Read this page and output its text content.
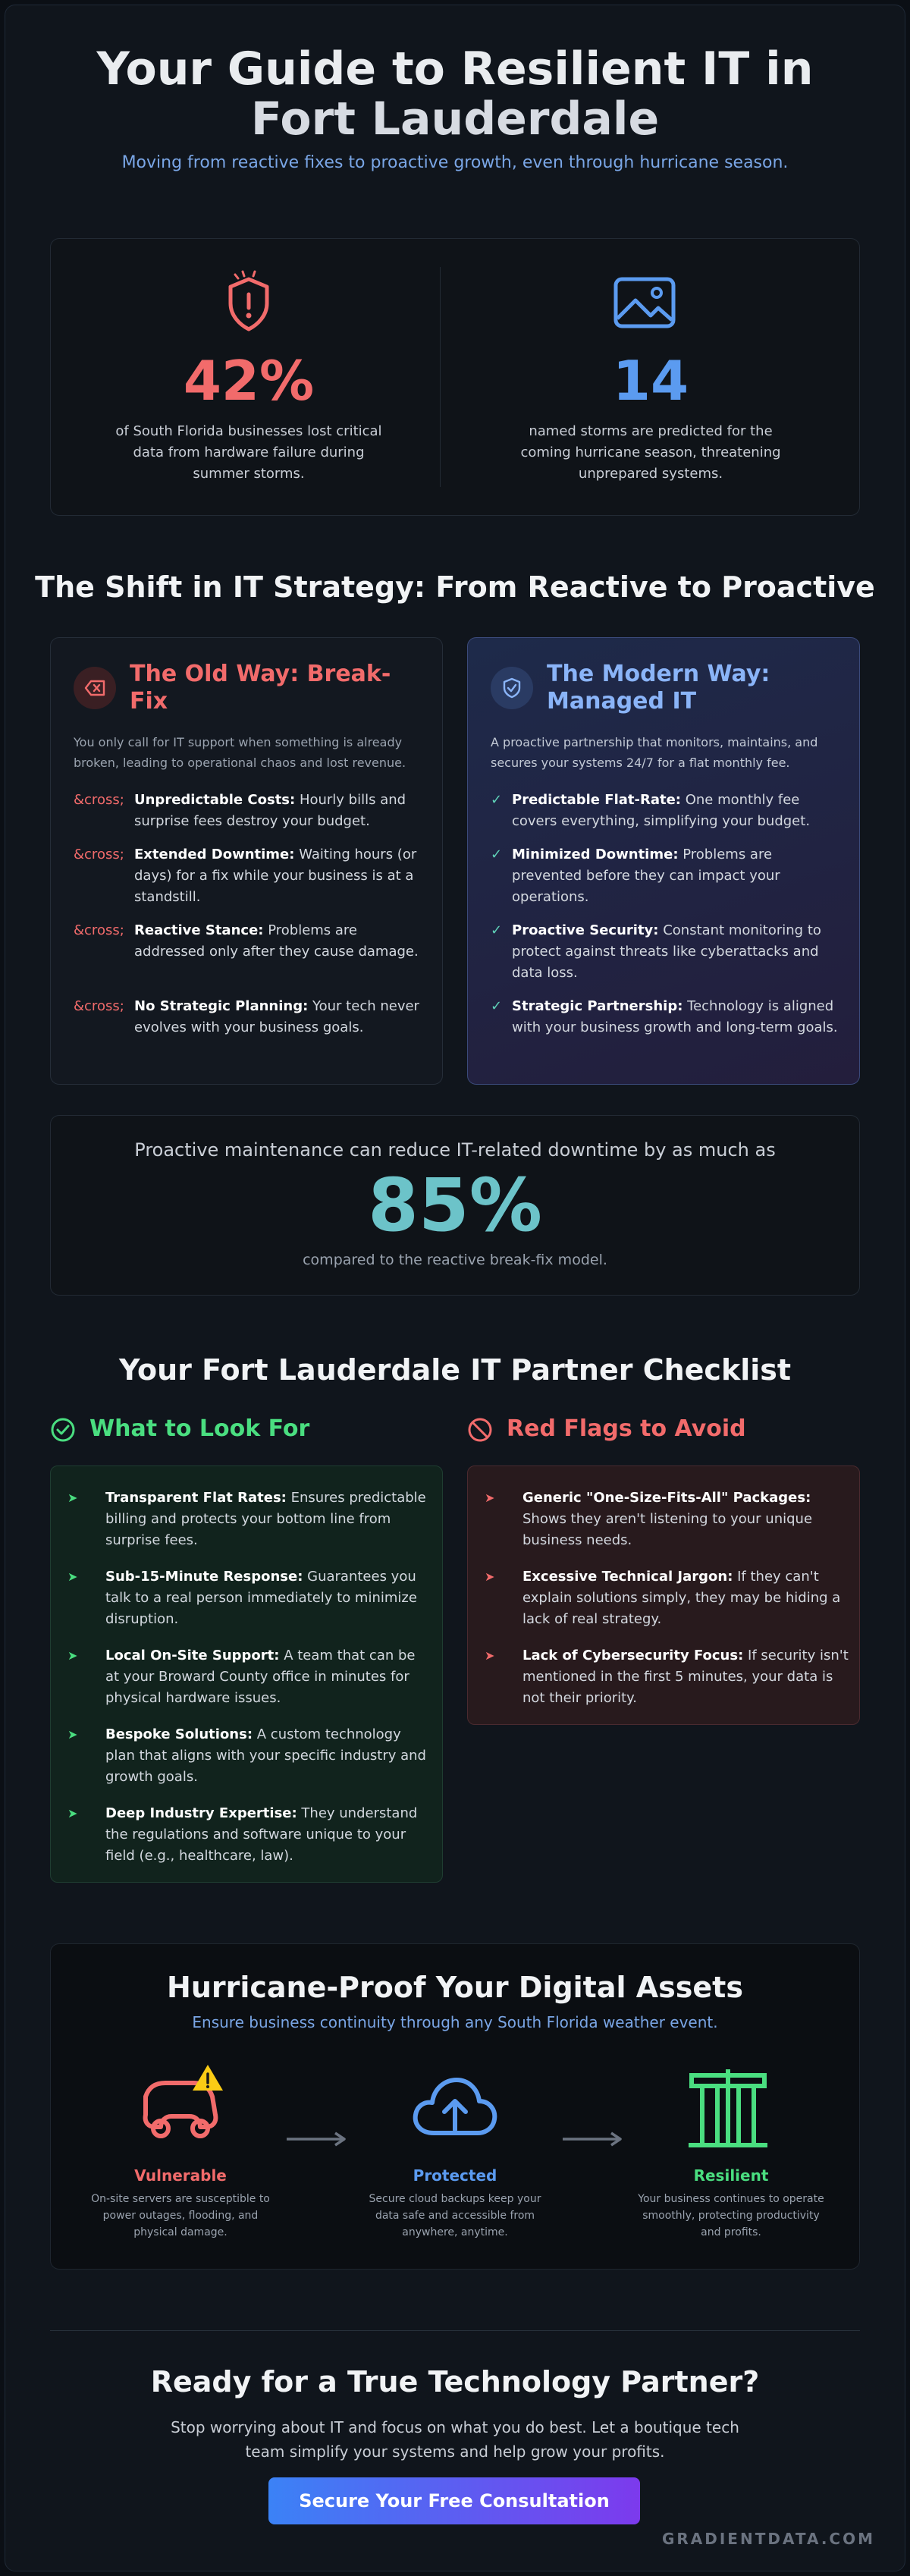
Your Guide to Resilient IT in
Fort Lauderdale
Moving from reactive fixes to proactive growth, even through hurricane season.
42%
of South Florida businesses lost critical data from hardware failure during summer storms.
14
named storms are predicted for the coming hurricane season, threatening unprepared systems.
The Shift in IT Strategy: From Reactive to Proactive
The Old Way: Break-Fix
You only call for IT support when something is already broken, leading to operational chaos and lost revenue.
&cross; Unpredictable Costs: Hourly bills and surprise fees destroy your budget.
&cross; Extended Downtime: Waiting hours (or days) for a fix while your business is at a standstill.
&cross; Reactive Stance: Problems are addressed only after they cause damage.
&cross; No Strategic Planning: Your tech never evolves with your business goals.
The Modern Way: Managed IT
A proactive partnership that monitors, maintains, and secures your systems 24/7 for a flat monthly fee.
✓ Predictable Flat-Rate: One monthly fee covers everything, simplifying your budget.
✓ Minimized Downtime: Problems are prevented before they can impact your operations.
✓ Proactive Security: Constant monitoring to protect against threats like cyberattacks and data loss.
✓ Strategic Partnership: Technology is aligned with your business growth and long-term goals.
Proactive maintenance can reduce IT-related downtime by as much as
85%
compared to the reactive break-fix model.
Your Fort Lauderdale IT Partner Checklist
What to Look For	Red Flags to Avoid
➤ Transparent Flat Rates: Ensures predictable billing and protects your bottom line from surprise fees.
➤ Sub-15-Minute Response: Guarantees you talk to a real person immediately to minimize disruption.
➤ Local On-Site Support: A team that can be at your Broward County office in minutes for physical hardware issues.
➤ Bespoke Solutions: A custom technology plan that aligns with your specific industry and growth goals.
➤ Deep Industry Expertise: They understand the regulations and software unique to your field (e.g., healthcare, law).
➤ Generic "One-Size-Fits-All" Packages: Shows they aren't listening to your unique business needs.
➤ Excessive Technical Jargon: If they can't explain solutions simply, they may be hiding a lack of real strategy.
➤ Lack of Cybersecurity Focus: If security isn't mentioned in the first 5 minutes, your data is not their priority.
Hurricane-Proof Your Digital Assets
Ensure business continuity through any South Florida weather event.
Vulnerable
On-site servers are susceptible to power outages, flooding, and physical damage.
Protected
Secure cloud backups keep your data safe and accessible from anywhere, anytime.
Resilient
Your business continues to operate smoothly, protecting productivity and profits.
Ready for a True Technology Partner?
Stop worrying about IT and focus on what you do best. Let a boutique tech
team simplify your systems and help grow your profits.
Secure Your Free Consultation
GRADIENTDATA.COM
